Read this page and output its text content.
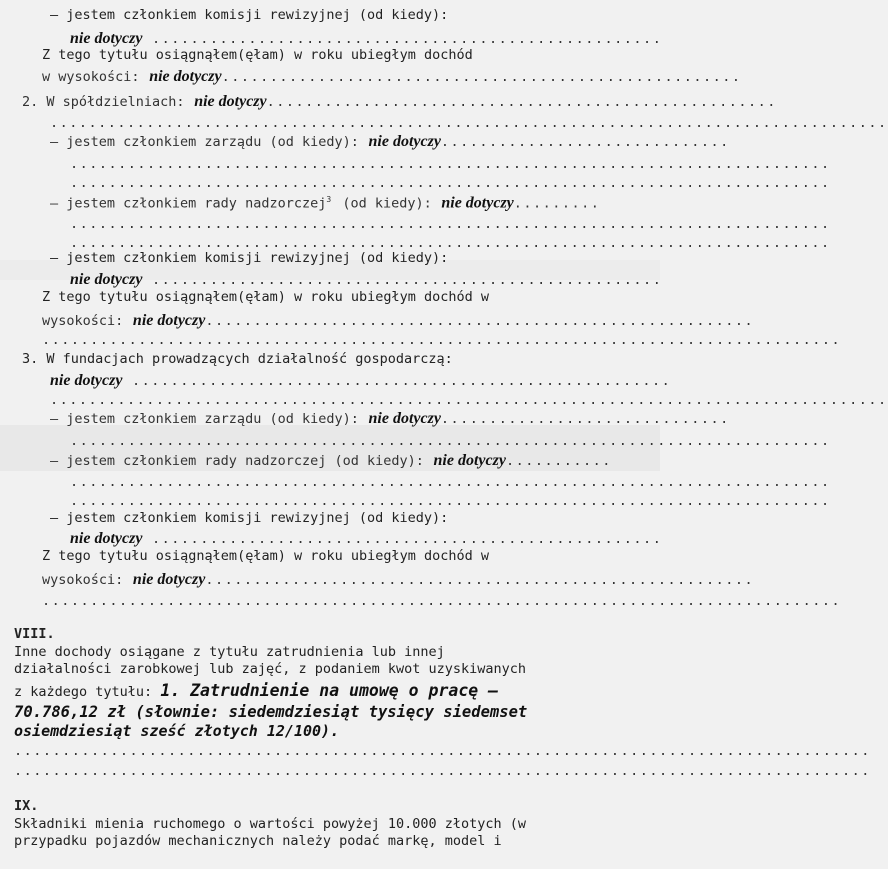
– jestem członkiem komisji rewizyjnej (od kiedy):
nie dotyczy .....................................................
Z tego tytułu osiągnąłem(ęłam) w roku ubiegłym dochód
w wysokości: nie dotyczy......................................................
2. W spółdzielniach: nie dotyczy.....................................................
.......................................................................................
– jestem członkiem zarządu (od kiedy): nie dotyczy..............................
...............................................................................
...............................................................................
– jestem członkiem rady nadzorczej$^3$ (od kiedy): nie dotyczy.........
...............................................................................
...............................................................................
– jestem członkiem komisji rewizyjnej (od kiedy):
nie dotyczy .....................................................
Z tego tytułu osiągnąłem(ęłam) w roku ubiegłym dochód w
wysokości: nie dotyczy.........................................................
...................................................................................
3. W fundacjach prowadzących działalność gospodarczą:
nie dotyczy ........................................................
.......................................................................................
– jestem członkiem zarządu (od kiedy): nie dotyczy..............................
...............................................................................
– jestem członkiem rady nadzorczej (od kiedy): nie dotyczy...........
...............................................................................
...............................................................................
– jestem członkiem komisji rewizyjnej (od kiedy):
nie dotyczy .....................................................
Z tego tytułu osiągnąłem(ęłam) w roku ubiegłym dochód w
wysokości: nie dotyczy.........................................................
...................................................................................
VIII.
Inne dochody osiągane z tytułu zatrudnienia lub innej
działalności zarobkowej lub zajęć, z podaniem kwot uzyskiwanych
z każdego tytułu: 1. Zatrudnienie na umowę o pracę –
70.786,12 zł (słownie: siedemdziesiąt tysięcy siedemset
osiemdziesiąt sześć złotych 12/100).
.........................................................................................
.........................................................................................
IX.
Składniki mienia ruchomego o wartości powyżej 10.000 złotych (w
przypadku pojazdów mechanicznych należy podać markę, model i
